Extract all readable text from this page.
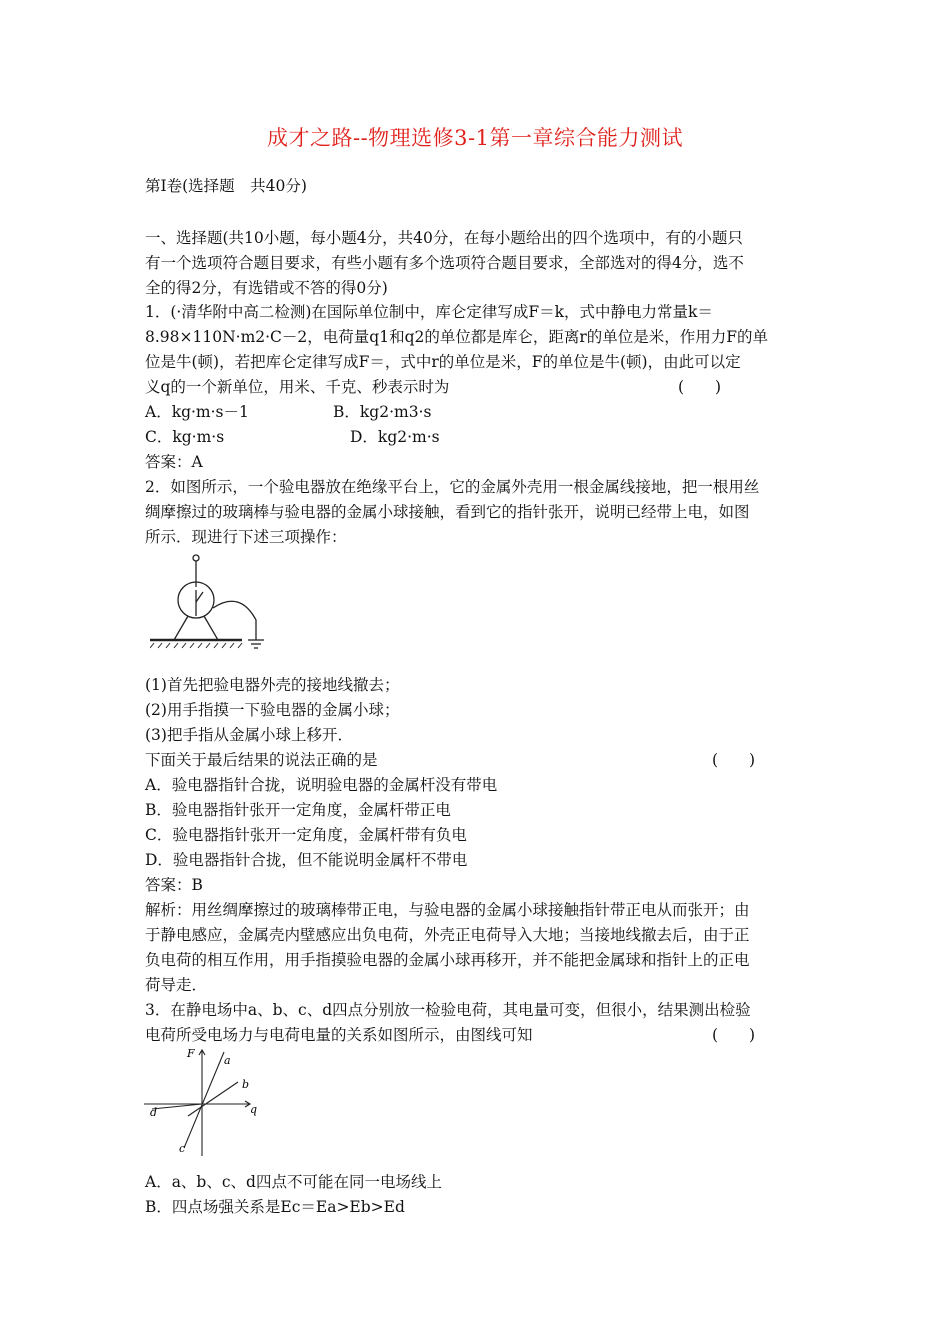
成才之路--物理选修3-1第一章综合能力测试
第Ⅰ卷(选择题　共40分)
一、选择题(共10小题，每小题4分，共40分，在每小题给出的四个选项中，有的小题只
有一个选项符合题目要求，有些小题有多个选项符合题目要求，全部选对的得4分，选不
全的得2分，有选错或不答的得0分)
1．(·清华附中高二检测)在国际单位制中，库仑定律写成F＝k，式中静电力常量k＝
8.98×110N·m2·C－2，电荷量q1和q2的单位都是库仑，距离r的单位是米，作用力F的单
位是牛(顿)，若把库仑定律写成F＝，式中r的单位是米，F的单位是牛(顿)，由此可以定
义q的一个新单位，用米、千克、秒表示时为	(　　)
A．kg·m·s－1	B．kg2·m3·s
C．kg·m·s	D．kg2·m·s
答案：A
2．如图所示，一个验电器放在绝缘平台上，它的金属外壳用一根金属线接地，把一根用丝
绸摩擦过的玻璃棒与验电器的金属小球接触，看到它的指针张开，说明已经带上电，如图
所示．现进行下述三项操作：
(1)首先把验电器外壳的接地线撤去；
(2)用手指摸一下验电器的金属小球；
(3)把手指从金属小球上移开．
下面关于最后结果的说法正确的是	(　　)
A．验电器指针合拢，说明验电器的金属杆没有带电
B．验电器指针张开一定角度，金属杆带正电
C．验电器指针张开一定角度，金属杆带有负电
D．验电器指针合拢，但不能说明金属杆不带电
答案：B
解析：用丝绸摩擦过的玻璃棒带正电，与验电器的金属小球接触指针带正电从而张开；由
于静电感应，金属壳内壁感应出负电荷，外壳正电荷导入大地；当接地线撤去后，由于正
负电荷的相互作用，用手指摸验电器的金属小球再移开，并不能把金属球和指针上的正电
荷导走．
3．在静电场中a、b、c、d四点分别放一检验电荷，其电量可变，但很小，结果测出检验
电荷所受电场力与电荷电量的关系如图所示，由图线可知	(　　)
F
a
b
q
d
c
A．a、b、c、d四点不可能在同一电场线上
B．四点场强关系是Ec＝Ea>Eb>Ed
